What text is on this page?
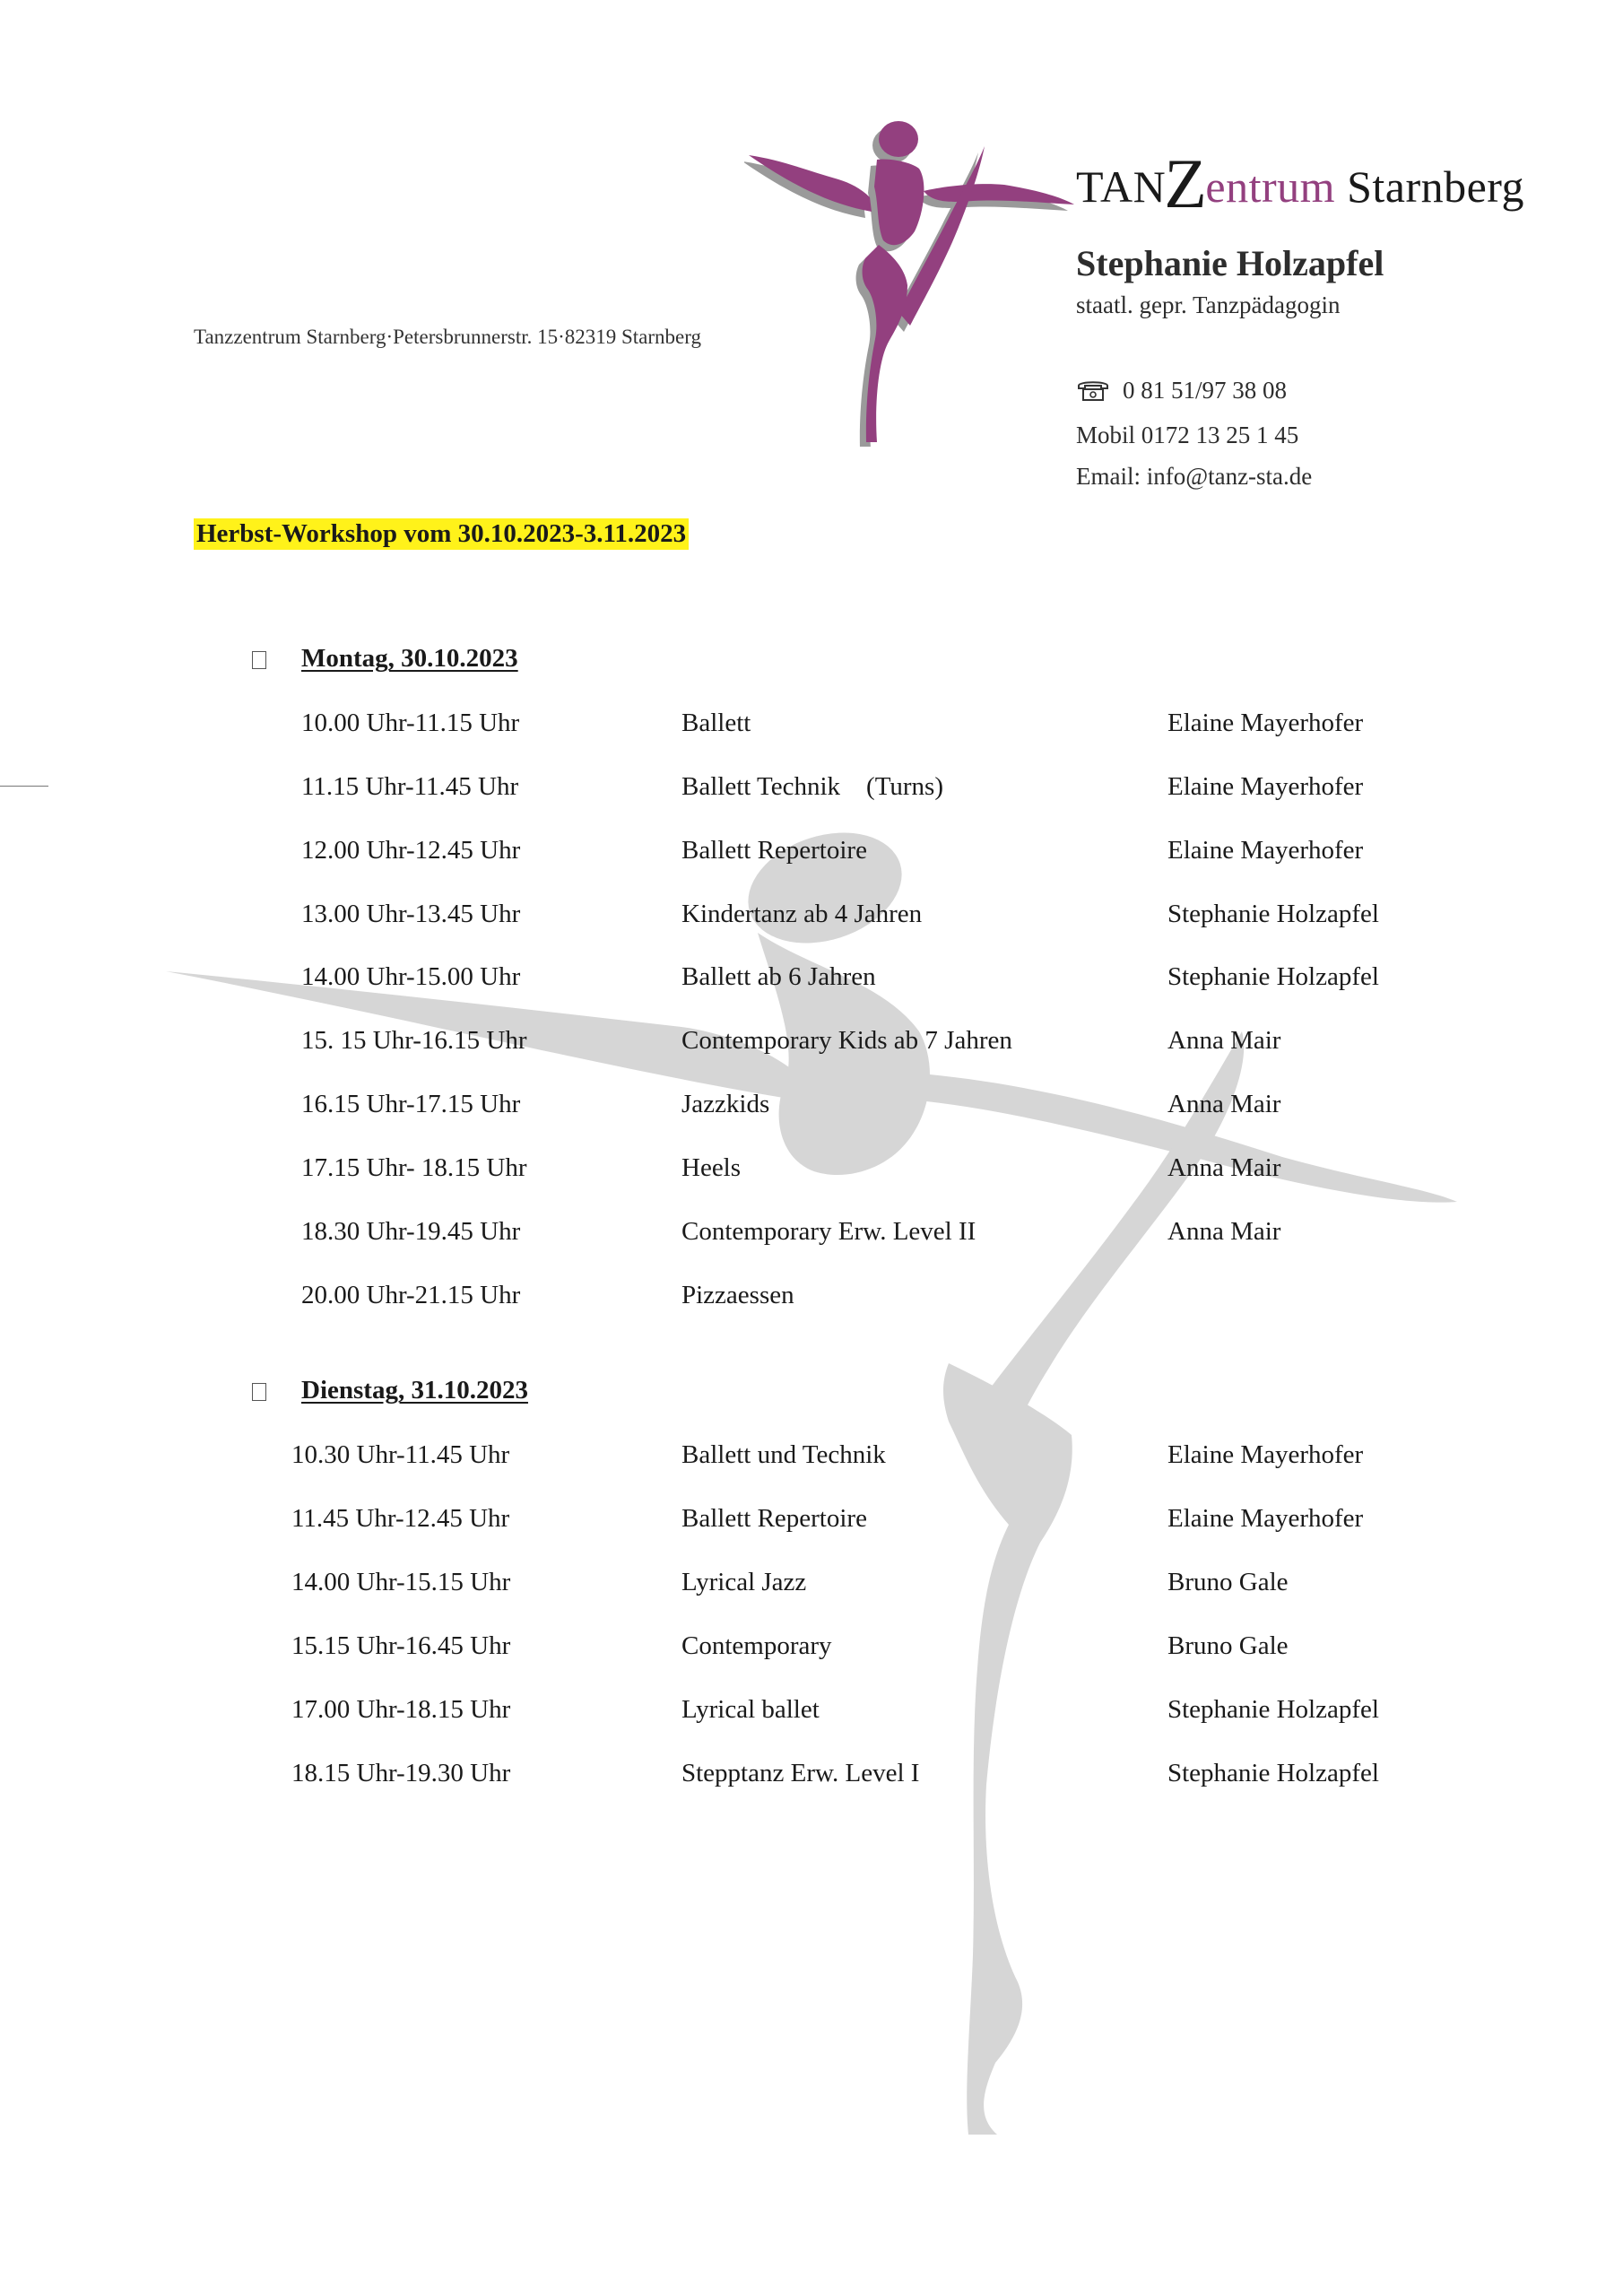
TANZentrum Starnberg
Stephanie Holzapfel
staatl. gepr. Tanzpädagogin
0 81 51/97 38 08
Mobil 0172 13 25 1 45
Email: info@tanz-sta.de
Tanzzentrum Starnberg·Petersbrunnerstr. 15·82319 Starnberg
Herbst-Workshop vom 30.10.2023-3.11.2023
Montag, 30.10.2023
10.00 Uhr-11.15 Uhr	Ballett	Elaine Mayerhofer
11.15 Uhr-11.45 Uhr	Ballett Technik    (Turns)	Elaine Mayerhofer
12.00 Uhr-12.45 Uhr	Ballett Repertoire	Elaine Mayerhofer
13.00 Uhr-13.45 Uhr	Kindertanz ab 4 Jahren	Stephanie Holzapfel
14.00 Uhr-15.00 Uhr	Ballett ab 6 Jahren	Stephanie Holzapfel
15. 15 Uhr-16.15 Uhr	Contemporary Kids ab 7 Jahren	Anna Mair
16.15 Uhr-17.15 Uhr	Jazzkids	Anna Mair
17.15 Uhr- 18.15 Uhr	Heels	Anna Mair
18.30 Uhr-19.45 Uhr	Contemporary Erw. Level II	Anna Mair
20.00 Uhr-21.15 Uhr	Pizzaessen
Dienstag, 31.10.2023
10.30 Uhr-11.45 Uhr	Ballett und Technik	Elaine Mayerhofer
11.45 Uhr-12.45 Uhr	Ballett Repertoire	Elaine Mayerhofer
14.00 Uhr-15.15 Uhr	Lyrical Jazz	Bruno Gale
15.15 Uhr-16.45 Uhr	Contemporary	Bruno Gale
17.00 Uhr-18.15 Uhr	Lyrical ballet	Stephanie Holzapfel
18.15 Uhr-19.30 Uhr	Stepptanz Erw. Level I	Stephanie Holzapfel
